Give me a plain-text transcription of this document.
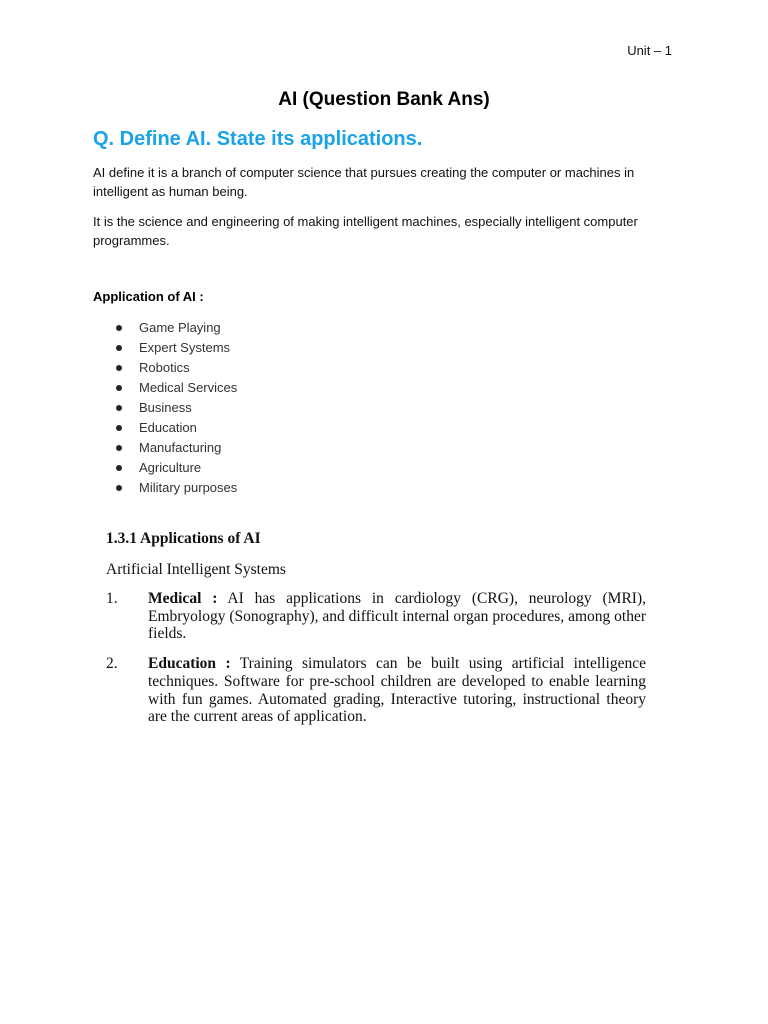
Unit – 1
AI (Question Bank Ans)
Q. Define AI. State its applications.

AI define it is a branch of computer science that pursues creating the computer or machines in intelligent as human being.

It is the science and engineering of making intelligent machines, especially intelligent computer programmes.

Application of AI :
Game Playing
Expert Systems
Robotics
Medical Services
Business
Education
Manufacturing
Agriculture
Military purposes
1.3.1 Applications of AI
Artificial Intelligent Systems
1.	Medical : AI has applications in cardiology (CRG), neurology (MRI), Embryology (Sonography), and difficult internal organ procedures, among other fields.
2.	Education : Training simulators can be built using artificial intelligence techniques. Software for pre-school children are developed to enable learning with fun games. Automated grading, Interactive tutoring, instructional theory are the current areas of application.
